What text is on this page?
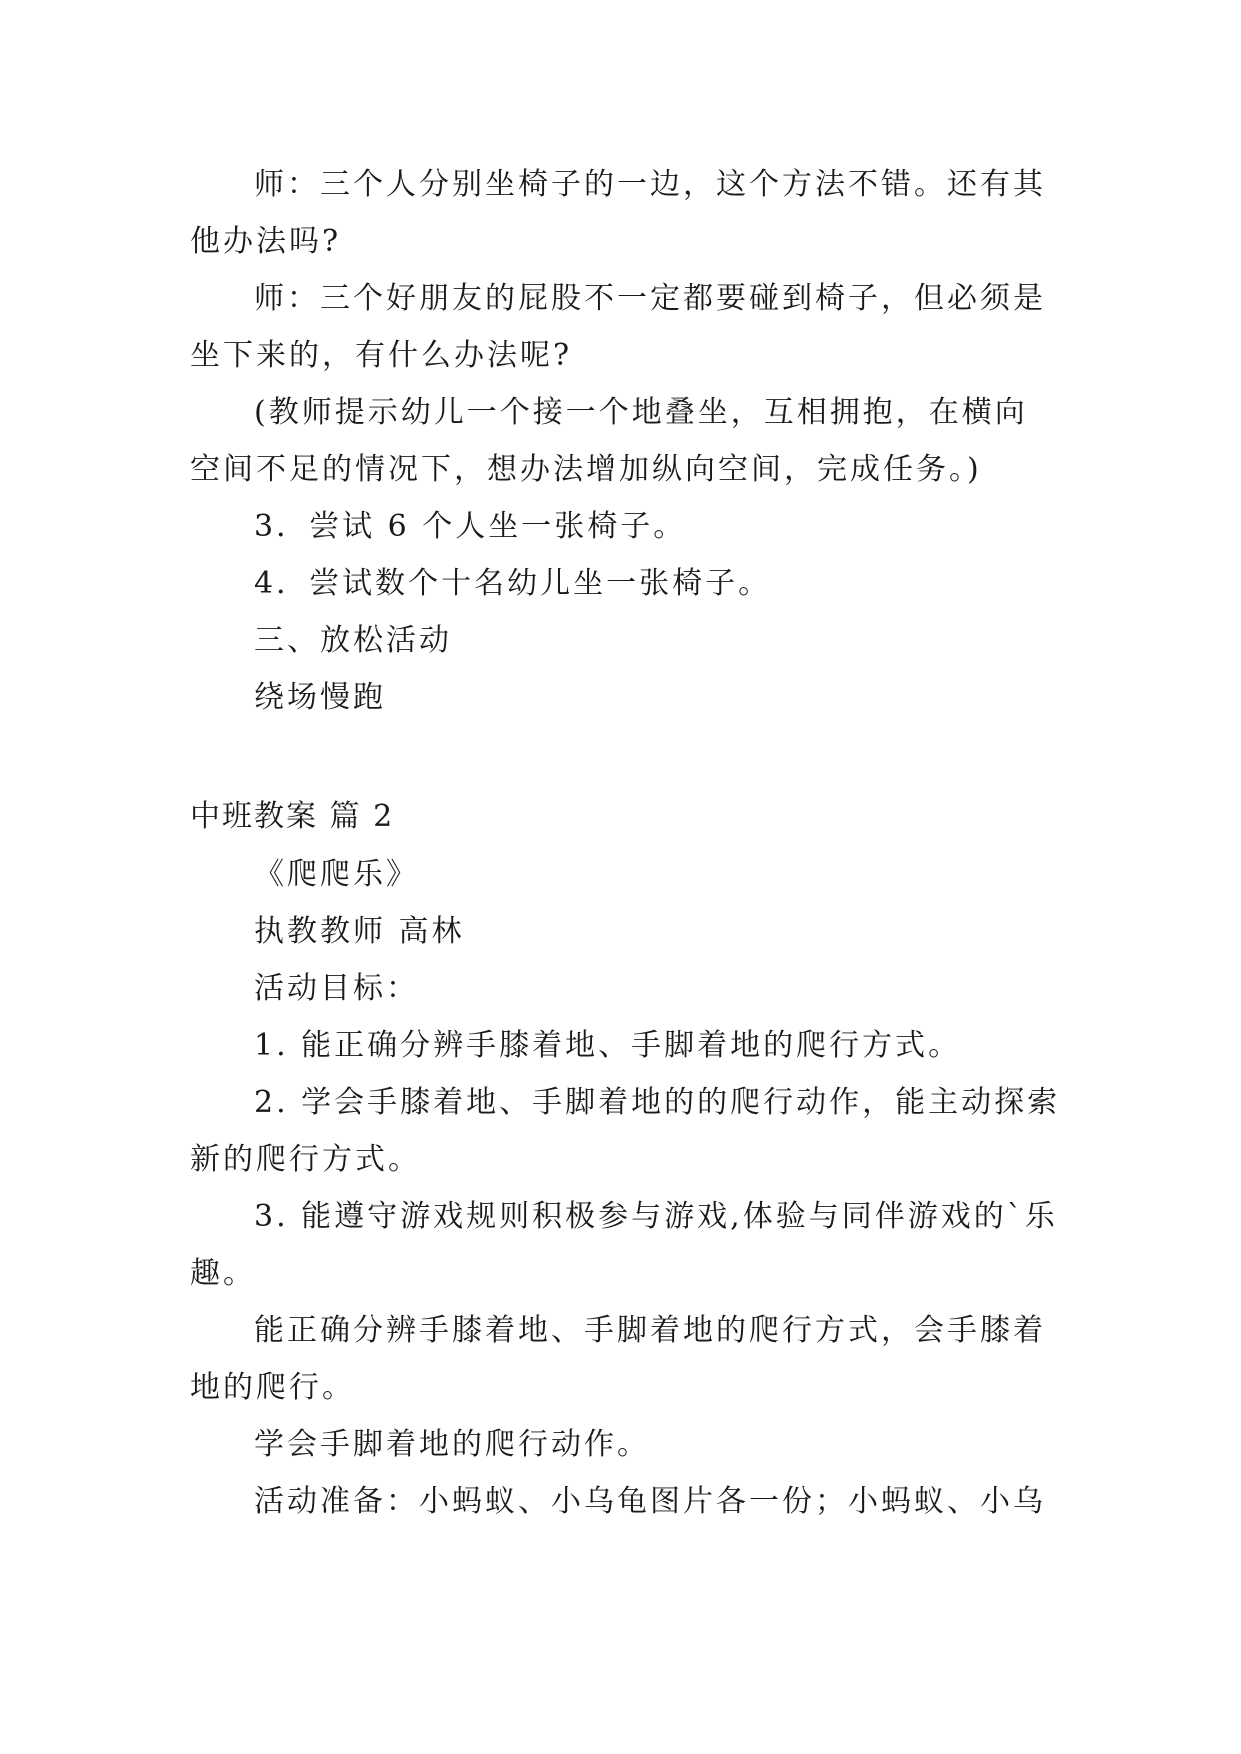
师：三个人分别坐椅子的一边，这个方法不错。还有其
他办法吗?
师：三个好朋友的屁股不一定都要碰到椅子，但必须是
坐下来的，有什么办法呢?
(教师提示幼儿一个接一个地叠坐，互相拥抱，在横向
空间不足的情况下，想办法增加纵向空间，完成任务。)
3．尝试 6 个人坐一张椅子。
4．尝试数个十名幼儿坐一张椅子。
三、放松活动
绕场慢跑
中班教案 篇 2
《爬爬乐》
执教教师 高林
活动目标：
1. 能正确分辨手膝着地、手脚着地的爬行方式。
2. 学会手膝着地、手脚着地的的爬行动作，能主动探索
新的爬行方式。
3. 能遵守游戏规则积极参与游戏,体验与同伴游戏的`乐
趣。
能正确分辨手膝着地、手脚着地的爬行方式，会手膝着
地的爬行。
学会手脚着地的爬行动作。
活动准备：小蚂蚁、小乌龟图片各一份；小蚂蚁、小乌
